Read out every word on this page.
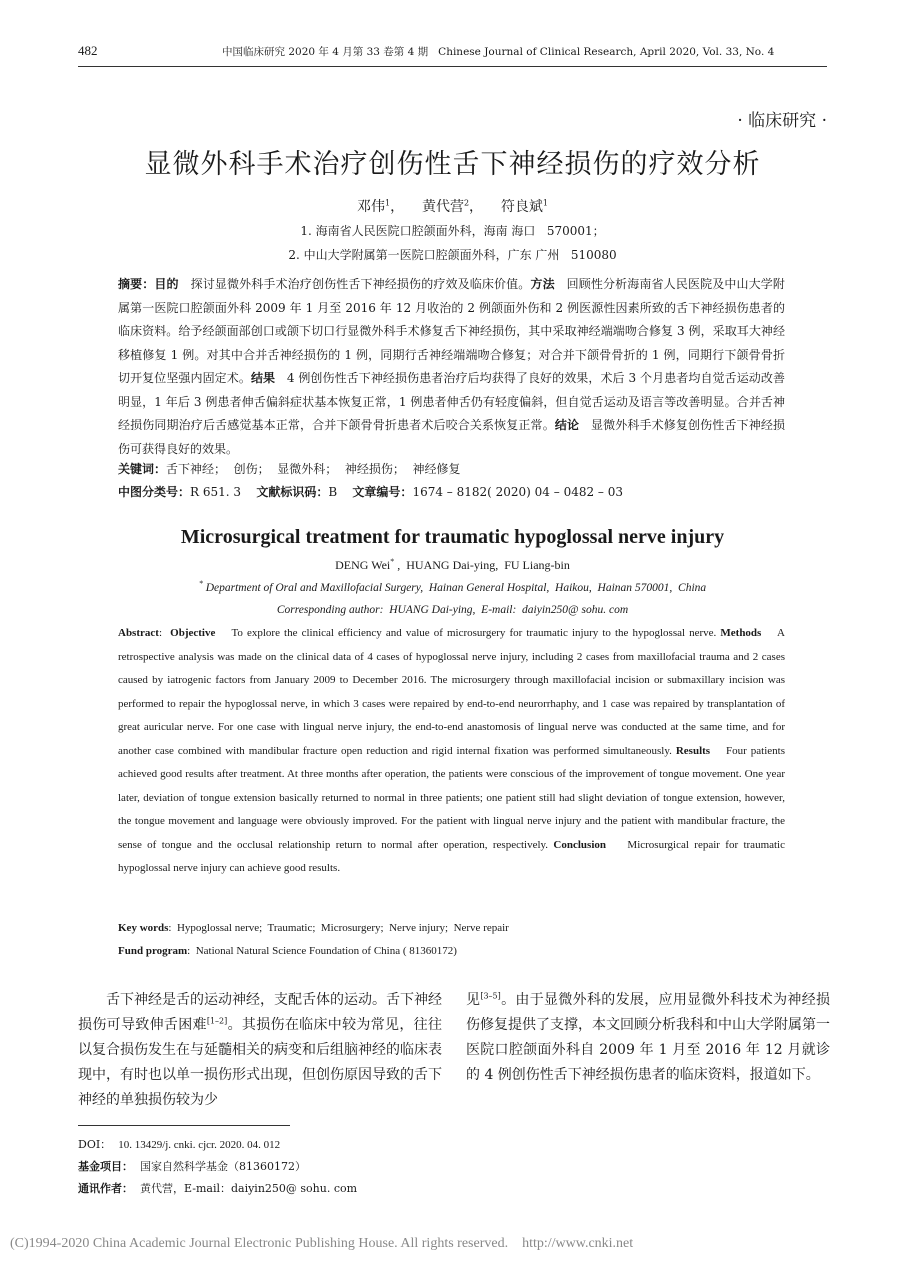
482	中国临床研究 2020 年 4 月第 33 卷第 4 期   Chinese Journal of Clinical Research, April 2020, Vol. 33, No. 4
· 临床研究 ·
显微外科手术治疗创伤性舌下神经损伤的疗效分析
邓伟$^1$，    黄代营$^2$，    符良斌$^1$
1. 海南省人民医院口腔颌面外科，海南 海口   570001；
2. 中山大学附属第一医院口腔颌面外科，广东 广州   510080
摘要：目的 探讨显微外科手术治疗创伤性舌下神经损伤的疗效及临床价值。方法 回顾性分析海南省人民医院及中山大学附属第一医院口腔颌面外科 2009 年 1 月至 2016 年 12 月收治的 2 例颌面外伤和 2 例医源性因素所致的舌下神经损伤患者的临床资料。给予经颌面部创口或颌下切口行显微外科手术修复舌下神经损伤，其中采取神经端端吻合修复 3 例，采取耳大神经移植修复 1 例。对其中合并舌神经损伤的 1 例，同期行舌神经端端吻合修复；对合并下颌骨骨折的 1 例，同期行下颌骨骨折切开复位坚强内固定术。结果 4 例创伤性舌下神经损伤患者治疗后均获得了良好的效果，术后 3 个月患者均自觉舌运动改善明显，1 年后 3 例患者伸舌偏斜症状基本恢复正常，1 例患者伸舌仍有轻度偏斜，但自觉舌运动及语言等改善明显。合并舌神经损伤同期治疗后舌感觉基本正常，合并下颌骨骨折患者术后咬合关系恢复正常。结论 显微外科手术修复创伤性舌下神经损伤可获得良好的效果。
关键词：舌下神经；  创伤；  显微外科；  神经损伤；  神经修复
中图分类号：R 651. 3 文献标识码：B 文章编号：1674 – 8182( 2020) 04 – 0482 – 03
Microsurgical treatment for traumatic hypoglossal nerve injury
DENG Wei* ,  HUANG Dai-ying,  FU Liang-bin
* Department of Oral and Maxillofacial Surgery,  Hainan General Hospital,  Haikou,  Hainan 570001,  China
Corresponding author:  HUANG Dai-ying,  E-mail:  daiyin250@ sohu. com
Abstract:  Objective To explore the clinical efficiency and value of microsurgery for traumatic injury to the hypoglossal nerve. Methods A retrospective analysis was made on the clinical data of 4 cases of hypoglossal nerve injury, including 2 cases from maxillofacial trauma and 2 cases caused by iatrogenic factors from January 2009 to December 2016. The microsurgery through maxillofacial incision or submaxillary incision was performed to repair the hypoglossal nerve, in which 3 cases were repaired by end-to-end neurorrhaphy, and 1 case was repaired by transplantation of great auricular nerve. For one case with lingual nerve injury, the end-to-end anastomosis of lingual nerve was conducted at the same time, and for another case combined with mandibular fracture open reduction and rigid internal fixation was performed simultaneously. Results Four patients achieved good results after treatment. At three months after operation, the patients were conscious of the improvement of tongue movement. One year later, deviation of tongue extension basically returned to normal in three patients; one patient still had slight deviation of tongue extension, however, the tongue movement and language were obviously improved. For the patient with lingual nerve injury and the patient with mandibular fracture, the sense of tongue and the occlusal relationship return to normal after operation, respectively. Conclusion Microsurgical repair for traumatic hypoglossal nerve injury can achieve good results.
Key words:  Hypoglossal nerve;  Traumatic;  Microsurgery;  Nerve injury;  Nerve repair
Fund program:  National Natural Science Foundation of China ( 81360172)
舌下神经是舌的运动神经，支配舌体的运动。舌下神经损伤可导致伸舌困难[1–2]。其损伤在临床中较为常见，往往以复合损伤发生在与延髓相关的病变和后组脑神经的临床表现中，有时也以单一损伤形式出现，但创伤原因导致的舌下神经的单独损伤较为少
见[3–5]。由于显微外科的发展，应用显微外科技术为神经损伤修复提供了支撑，本文回顾分析我科和中山大学附属第一医院口腔颌面外科自 2009 年 1 月至 2016 年 12 月就诊的 4 例创伤性舌下神经损伤患者的临床资料，报道如下。
DOI： 10. 13429/j. cnki. cjcr. 2020. 04. 012
基金项目： 国家自然科学基金（81360172）
通讯作者： 黄代营，E-mail：daiyin250@ sohu. com
(C)1994-2020 China Academic Journal Electronic Publishing House. All rights reserved.    http://www.cnki.net
